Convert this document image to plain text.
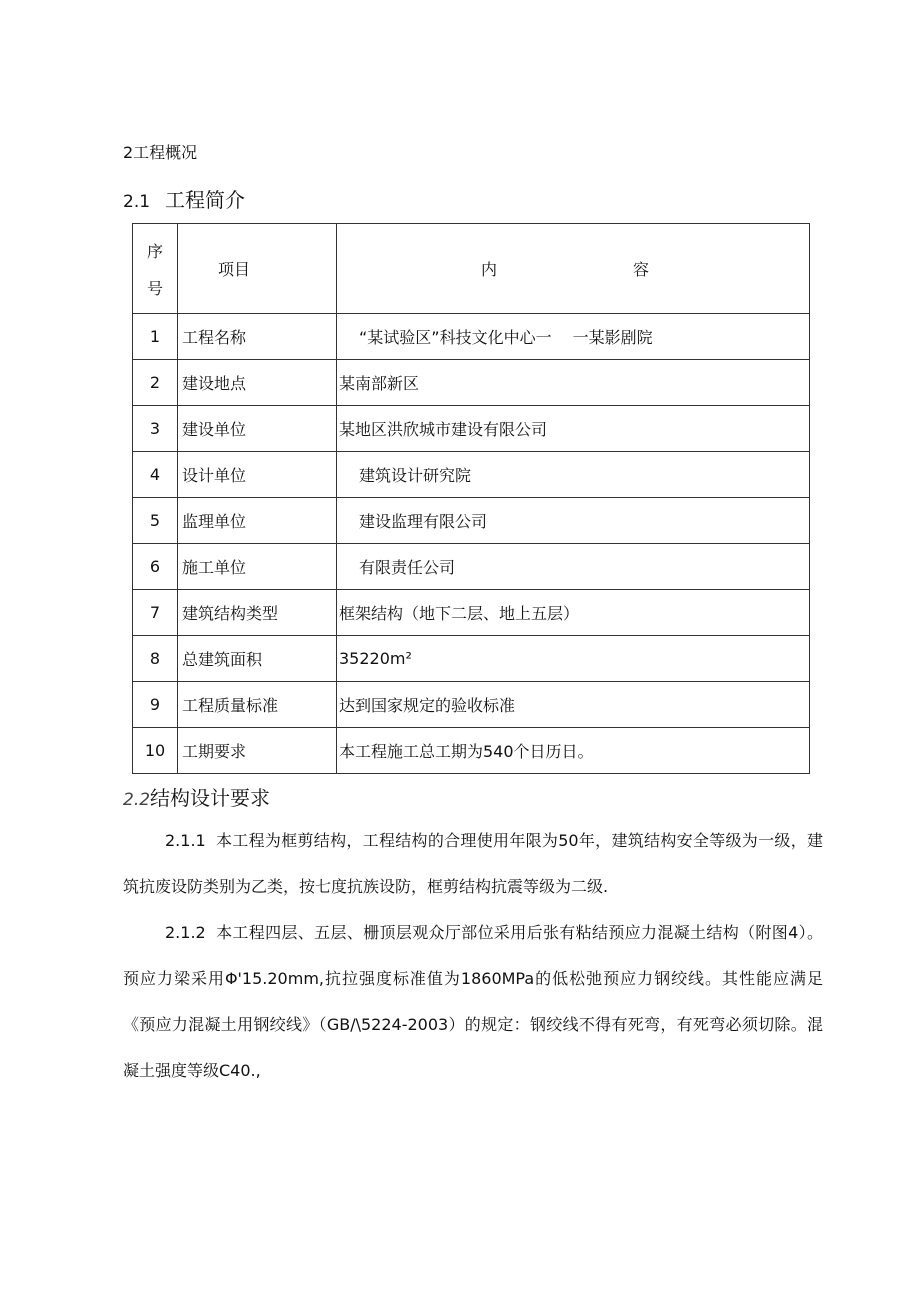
2工程概况
2.1 工程简介
序
号	项目	内 容

1	工程名称	“某试验区”科技文化中心一　 一某影剧院
2	建设地点	某南部新区
3	建设单位	某地区洪欣城市建设有限公司
4	设计单位	建筑设计研究院
5	监理单位	建设监理有限公司
6	施工单位	有限责任公司
7	建筑结构类型	框架结构（地下二层、地上五层）
8	总建筑面积	35220m²
9	工程质量标准	达到国家规定的验收标准
10	工期要求	本工程施工总工期为540个日历日。
2.2结构设计要求
2.1.1 本工程为框剪结构，工程结构的合理使用年限为50年，建筑结构安全等级为一级，建筑抗废设防类别为乙类，按七度抗族设防，框剪结构抗震等级为二级.
2.1.2 本工程四层、五层、栅顶层观众厅部位采用后张有粘结预应力混凝土结构（附图4）。预应力梁采用Φ'15.20mm,抗拉强度标准值为1860MPa的低松弛预应力钢绞线。其性能应满足《预应力混凝土用钢绞线》（GB/\5224-2003）的规定：钢绞线不得有死弯，有死弯必须切除。混凝土强度等级C40.,
